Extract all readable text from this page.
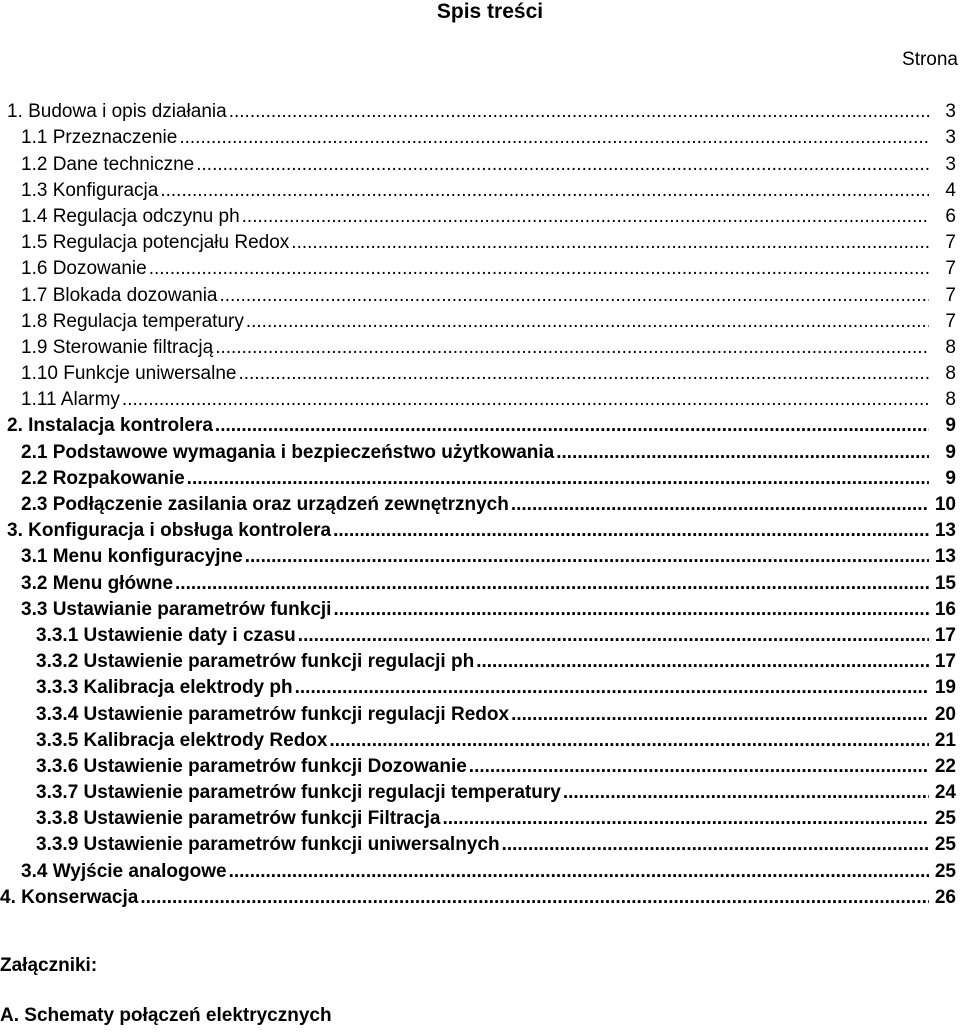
Spis treści
Strona
1. Budowa i opis działania .....	3
1.1 Przeznaczenie .....	3
1.2 Dane techniczne .....	3
1.3 Konfiguracja .....	4
1.4 Regulacja odczynu ph .....	6
1.5 Regulacja potencjału Redox .....	7
1.6 Dozowanie .....	7
1.7 Blokada dozowania .....	7
1.8 Regulacja temperatury .....	7
1.9 Sterowanie filtracją .....	8
1.10 Funkcje uniwersalne .....	8
1.11 Alarmy .....	8
2. Instalacja kontrolera .....	9
2.1 Podstawowe wymagania i bezpieczeństwo użytkowania .....	9
2.2 Rozpakowanie .....	9
2.3 Podłączenie zasilania oraz urządzeń zewnętrznych .....	10
3. Konfiguracja i obsługa kontrolera .....	13
3.1 Menu konfiguracyjne .....	13
3.2 Menu główne .....	15
3.3 Ustawianie parametrów funkcji .....	16
3.3.1 Ustawienie daty i czasu .....	17
3.3.2 Ustawienie parametrów funkcji regulacji ph .....	17
3.3.3 Kalibracja elektrody ph .....	19
3.3.4 Ustawienie parametrów funkcji regulacji Redox .....	20
3.3.5 Kalibracja elektrody Redox .....	21
3.3.6 Ustawienie parametrów funkcji Dozowanie .....	22
3.3.7 Ustawienie parametrów funkcji regulacji temperatury .....	24
3.3.8 Ustawienie parametrów funkcji Filtracja .....	25
3.3.9 Ustawienie parametrów funkcji uniwersalnych .....	25
3.4 Wyjście analogowe .....	25
4. Konserwacja .....	26
Załączniki:
A. Schematy połączeń elektrycznych
